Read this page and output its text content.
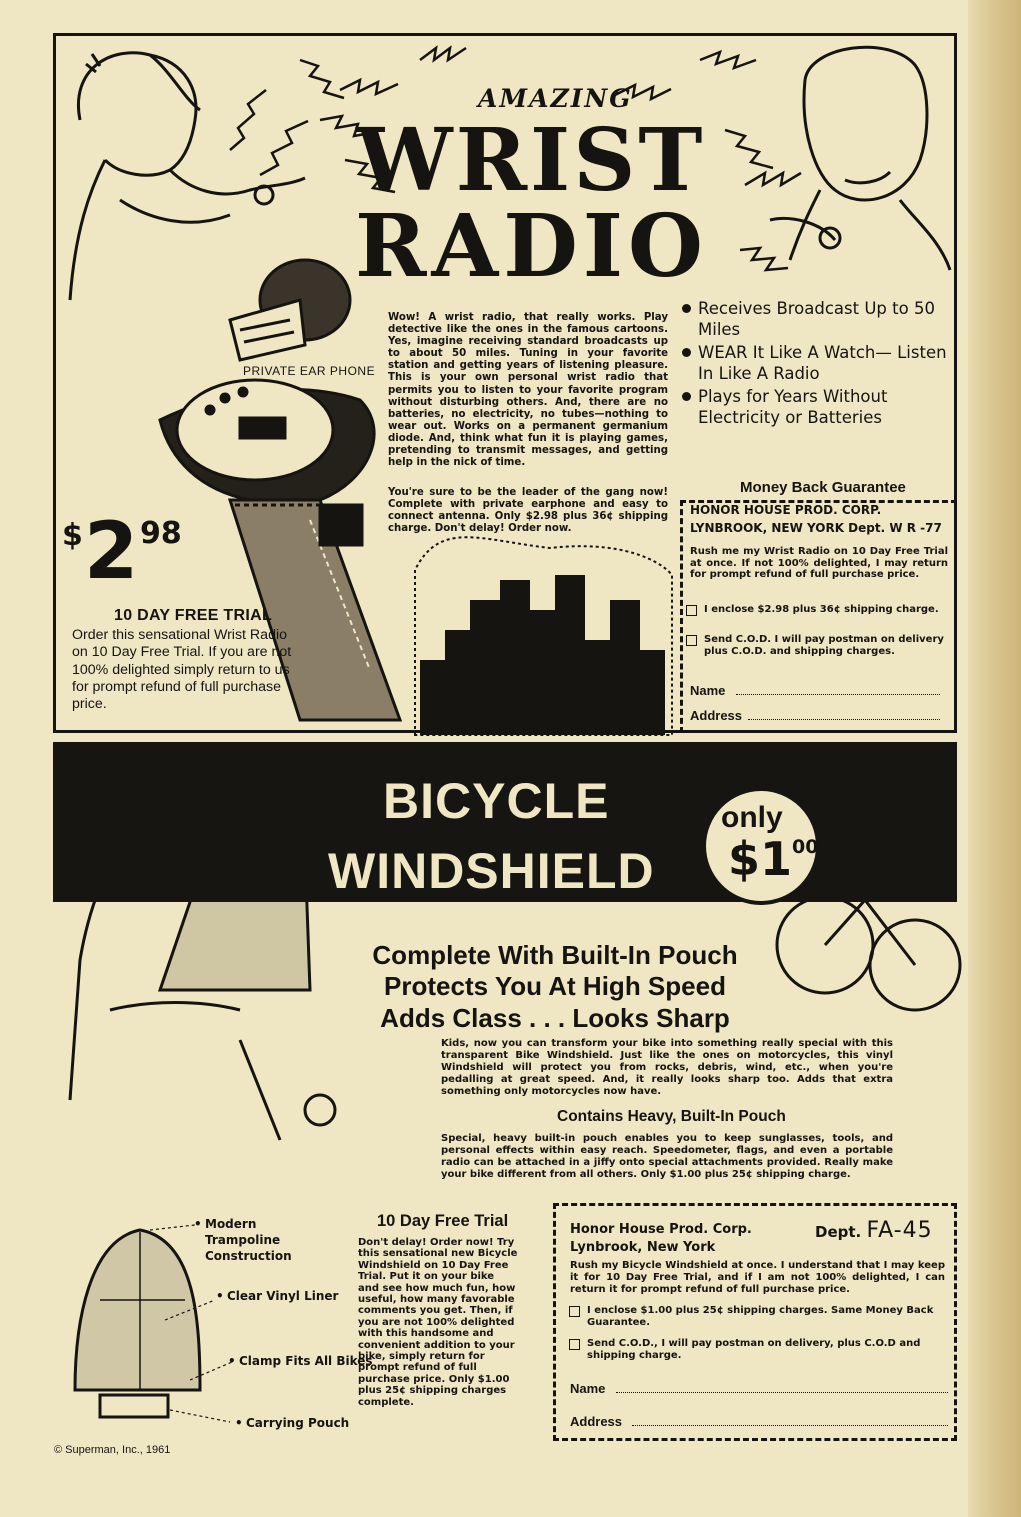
AMAZING
WRIST
RADIO
PRIVATE EAR PHONE
Wow! A wrist radio, that really works. Play detective like the ones in the famous cartoons. Yes, imagine receiving standard broadcasts up to about 50 miles. Tuning in your favorite station and getting years of listening pleasure. This is your own personal wrist radio that permits you to listen to your favorite program without disturbing others. And, there are no batteries, no electricity, no tubes—nothing to wear out. Works on a permanent germanium diode. And, think what fun it is playing games, pretending to transmit messages, and getting help in the nick of time.
You're sure to be the leader of the gang now! Complete with private earphone and easy to connect antenna. Only $2.98 plus 36¢ shipping charge. Don't delay! Order now.
Receives Broadcast Up to 50 Miles
WEAR It Like A Watch— Listen In Like A Radio
Plays for Years Without Electricity or Batteries
$ 2 98
10 DAY FREE TRIAL
Order this sensational Wrist Radio on 10 Day Free Trial. If you are not 100% delighted simply return to us for prompt refund of full purchase price.
Money Back Guarantee
HONOR HOUSE PROD. CORP.
LYNBROOK, NEW YORK Dept. W R -77
Rush me my Wrist Radio on 10 Day Free Trial at once. If not 100% delighted, I may return for prompt refund of full purchase price.
I enclose $2.98 plus 36¢ shipping charge.
Send C.O.D. I will pay postman on delivery plus C.O.D. and shipping charges.
Name
Address
BICYCLE
WINDSHIELD
only
$\$1^{00}$
Complete With Built-In Pouch
Protects You At High Speed
Adds Class . . . Looks Sharp
Kids, now you can transform your bike into something really special with this transparent Bike Windshield. Just like the ones on motorcycles, this vinyl Windshield will protect you from rocks, debris, wind, etc., when you're pedalling at great speed. And, it really looks sharp too. Adds that extra something only motorcycles now have.
Contains Heavy, Built-In Pouch
Special, heavy built-in pouch enables you to keep sunglasses, tools, and personal effects within easy reach. Speedometer, flags, and even a portable radio can be attached in a jiffy onto special attachments provided. Really make your bike different from all others. Only $1.00 plus 25¢ shipping charge.
• Modern Trampoline Construction
• Clear Vinyl Liner
• Clamp Fits All Bikes
• Carrying Pouch
10 Day Free Trial
Don't delay! Order now! Try this sensational new Bicycle Windshield on 10 Day Free Trial. Put it on your bike and see how much fun, how useful, how many favorable comments you get. Then, if you are not 100% delighted with this handsome and convenient addition to your bike, simply return for prompt refund of full purchase price. Only $1.00 plus 25¢ shipping charges complete.
Honor House Prod. Corp.
Lynbrook, New York
Dept. FA-45
Rush my Bicycle Windshield at once. I understand that I may keep it for 10 Day Free Trial, and if I am not 100% delighted, I can return it for prompt refund of full purchase price.
I enclose $1.00 plus 25¢ shipping charges. Same Money Back Guarantee.
Send C.O.D., I will pay postman on delivery, plus C.O.D and shipping charge.
Name
Address
© Superman, Inc., 1961
